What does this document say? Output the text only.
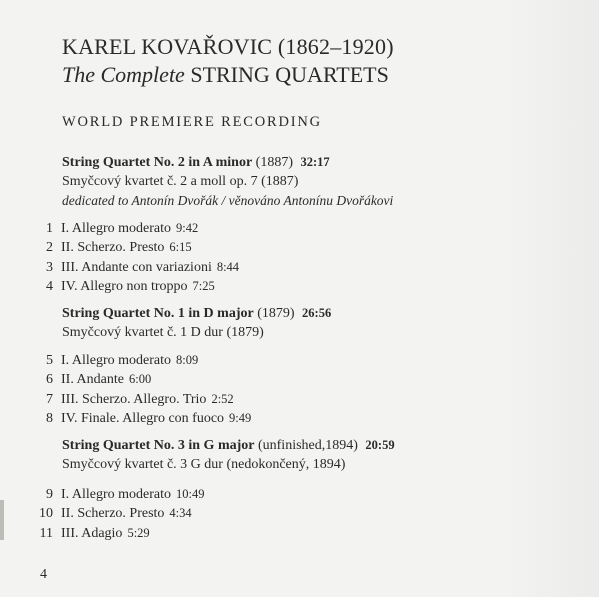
KAREL KOVAŘOVIC (1862–1920)
The Complete STRING QUARTETS
WORLD PREMIERE RECORDING
String Quartet No. 2 in A minor (1887) 32:17
Smyčcový kvartet č. 2 a moll op. 7 (1887)
dedicated to Antonín Dvořák / věnováno Antonínu Dvořákovi
1 I. Allegro moderato 9:42
2 II. Scherzo. Presto 6:15
3 III. Andante con variazioni 8:44
4 IV. Allegro non troppo 7:25
String Quartet No. 1 in D major (1879) 26:56
Smyčcový kvartet č. 1 D dur (1879)
5 I. Allegro moderato 8:09
6 II. Andante 6:00
7 III. Scherzo. Allegro. Trio 2:52
8 IV. Finale. Allegro con fuoco 9:49
String Quartet No. 3 in G major (unfinished,1894) 20:59
Smyčcový kvartet č. 3 G dur (nedokončený, 1894)
9 I. Allegro moderato 10:49
10 II. Scherzo. Presto 4:34
11 III. Adagio 5:29
4
